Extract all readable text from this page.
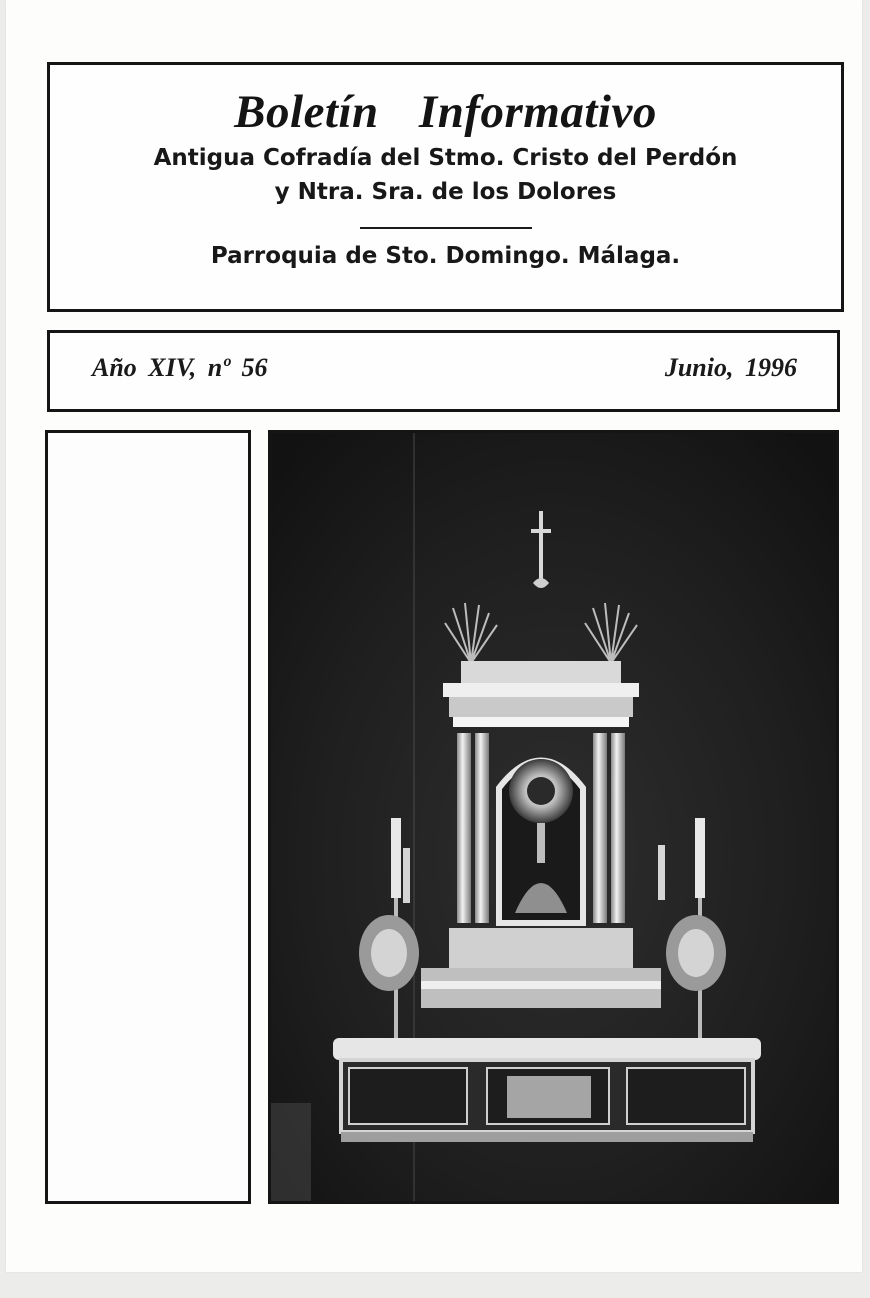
Boletín Informativo
Antigua Cofradía del Stmo. Cristo del Perdón
y Ntra. Sra. de los Dolores
Parroquia de Sto. Domingo. Málaga.
Año XIV, nº 56	Junio, 1996
